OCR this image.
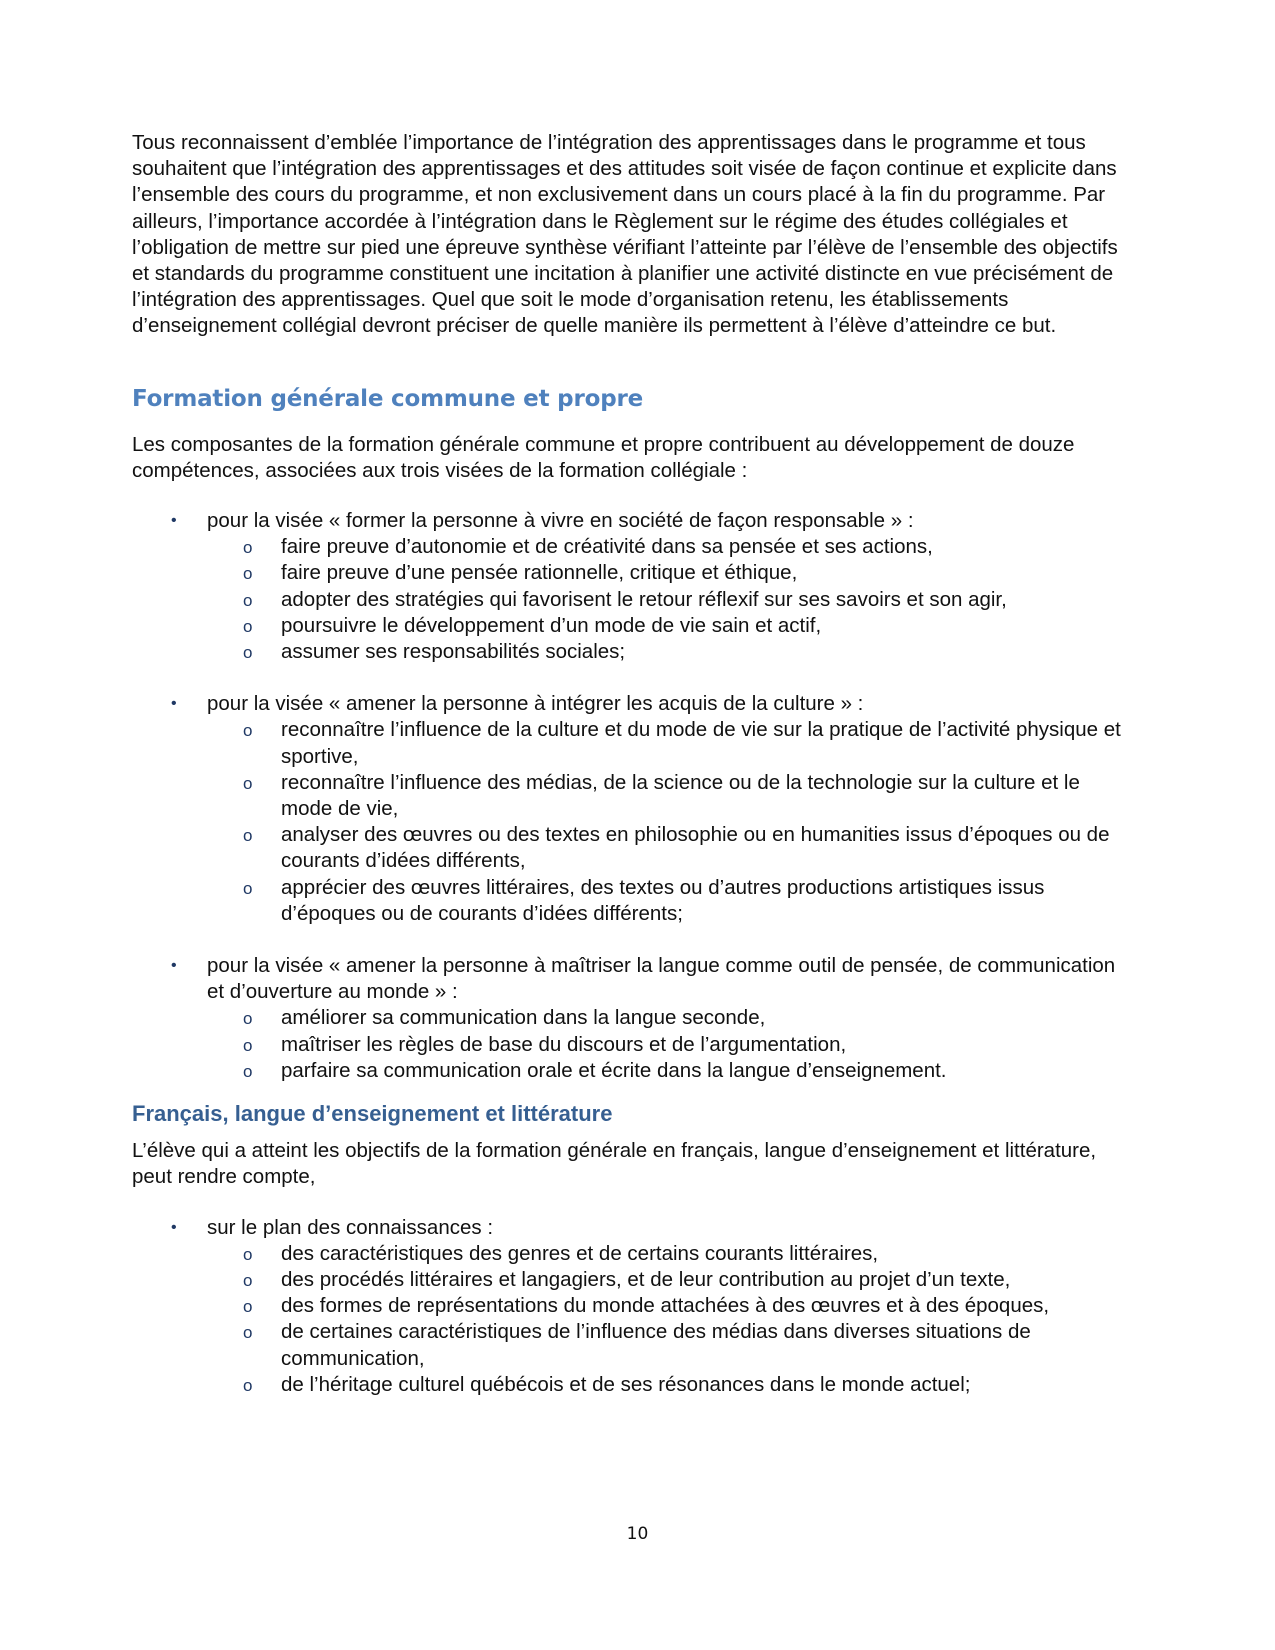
Tous reconnaissent d’emblée l’importance de l’intégration des apprentissages dans le programme et tous souhaitent que l’intégration des apprentissages et des attitudes soit visée de façon continue et explicite dans l’ensemble des cours du programme, et non exclusivement dans un cours placé à la fin du programme. Par ailleurs, l’importance accordée à l’intégration dans le Règlement sur le régime des études collégiales et l’obligation de mettre sur pied une épreuve synthèse vérifiant l’atteinte par l’élève de l’ensemble des objectifs et standards du programme constituent une incitation à planifier une activité distincte en vue précisément de l’intégration des apprentissages. Quel que soit le mode d’organisation retenu, les établissements d’enseignement collégial devront préciser de quelle manière ils permettent à l’élève d’atteindre ce but.

Formation générale commune et propre

Les composantes de la formation générale commune et propre contribuent au développement de douze compétences, associées aux trois visées de la formation collégiale :

• pour la visée « former la personne à vivre en société de façon responsable » :
o faire preuve d’autonomie et de créativité dans sa pensée et ses actions,
o faire preuve d’une pensée rationnelle, critique et éthique,
o adopter des stratégies qui favorisent le retour réflexif sur ses savoirs et son agir,
o poursuivre le développement d’un mode de vie sain et actif,
o assumer ses responsabilités sociales;
• pour la visée « amener la personne à intégrer les acquis de la culture » :
o reconnaître l’influence de la culture et du mode de vie sur la pratique de l’activité physique et sportive,
o reconnaître l’influence des médias, de la science ou de la technologie sur la culture et le mode de vie,
o analyser des œuvres ou des textes en philosophie ou en humanities issus d’époques ou de courants d’idées différents,
o apprécier des œuvres littéraires, des textes ou d’autres productions artistiques issus d’époques ou de courants d’idées différents;
• pour la visée « amener la personne à maîtriser la langue comme outil de pensée, de communication et d’ouverture au monde » :
o améliorer sa communication dans la langue seconde,
o maîtriser les règles de base du discours et de l’argumentation,
o parfaire sa communication orale et écrite dans la langue d’enseignement.
Français, langue d’enseignement et littérature

L’élève qui a atteint les objectifs de la formation générale en français, langue d’enseignement et littérature, peut rendre compte,

• sur le plan des connaissances :
o des caractéristiques des genres et de certains courants littéraires,
o des procédés littéraires et langagiers, et de leur contribution au projet d’un texte,
o des formes de représentations du monde attachées à des œuvres et à des époques,
o de certaines caractéristiques de l’influence des médias dans diverses situations de communication,
o de l’héritage culturel québécois et de ses résonances dans le monde actuel;
10
